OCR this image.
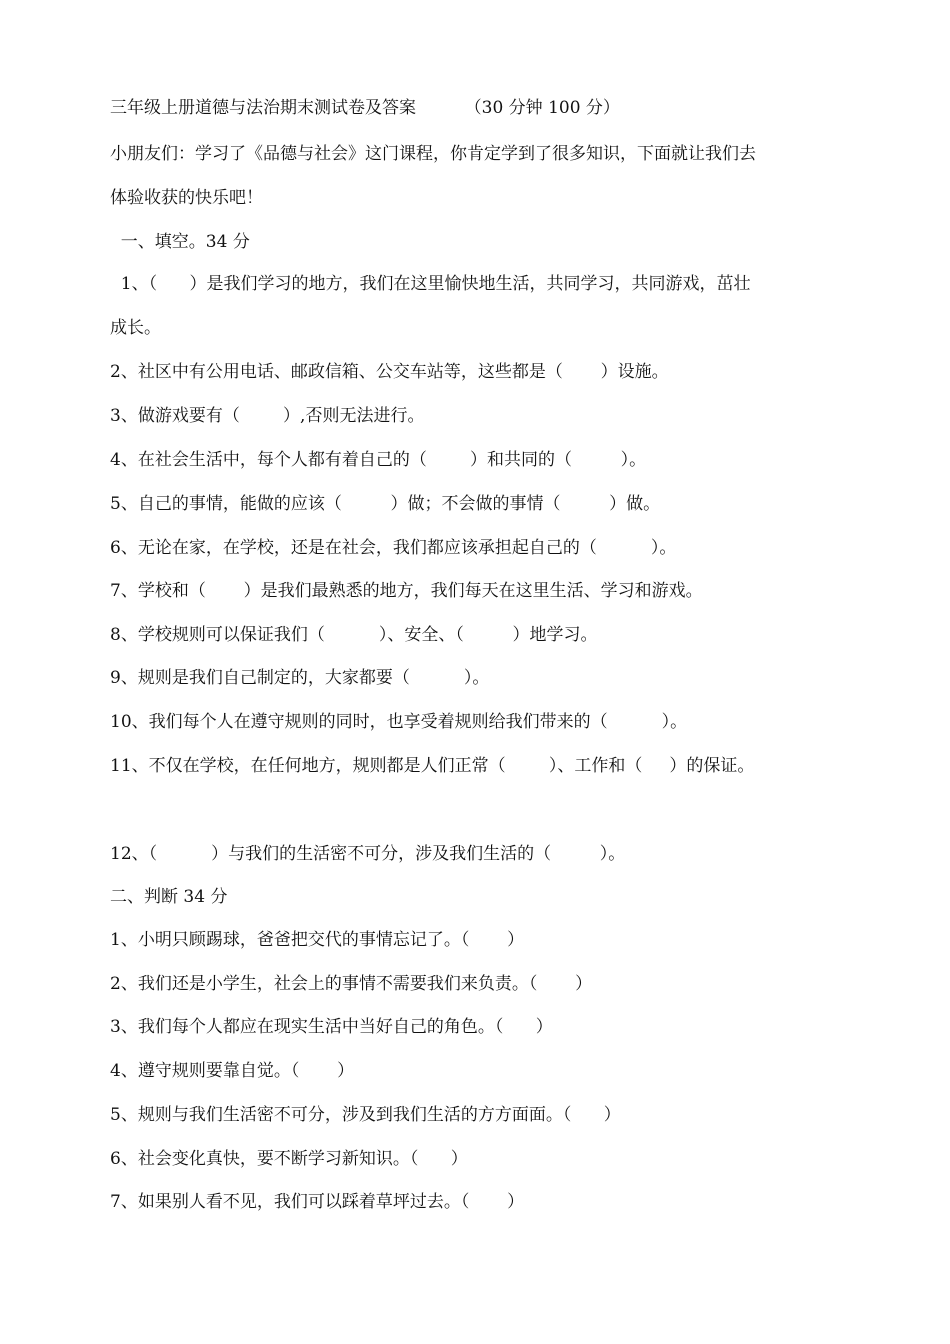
三年级上册道德与法治期末测试卷及答案         （30 分钟 100 分）
小朋友们：学习了《品德与社会》这门课程，你肯定学到了很多知识，下面就让我们去
体验收获的快乐吧！
一、填空。34 分
1、（      ）是我们学习的地方，我们在这里愉快地生活，共同学习，共同游戏，茁壮
成长。
2、社区中有公用电话、邮政信箱、公交车站等，这些都是（       ）设施。
3、做游戏要有（        ）,否则无法进行。
4、在社会生活中，每个人都有着自己的（        ）和共同的（         ）。
5、自己的事情，能做的应该（         ）做；不会做的事情（         ）做。
6、无论在家，在学校，还是在社会，我们都应该承担起自己的（          ）。
7、学校和（       ）是我们最熟悉的地方，我们每天在这里生活、学习和游戏。
8、学校规则可以保证我们（          ）、安全、（         ）地学习。
9、规则是我们自己制定的，大家都要（          ）。
10、我们每个人在遵守规则的同时，也享受着规则给我们带来的（          ）。
11、不仅在学校，在任何地方，规则都是人们正常（        ）、工作和（     ）的保证。
12、（          ）与我们的生活密不可分，涉及我们生活的（         ）。
二、判断 34 分
1、小明只顾踢球，爸爸把交代的事情忘记了。（       ）
2、我们还是小学生，社会上的事情不需要我们来负责。（       ）
3、我们每个人都应在现实生活中当好自己的角色。（      ）
4、遵守规则要靠自觉。（       ）
5、规则与我们生活密不可分，涉及到我们生活的方方面面。（      ）
6、社会变化真快，要不断学习新知识。（      ）
7、如果别人看不见，我们可以踩着草坪过去。（       ）
